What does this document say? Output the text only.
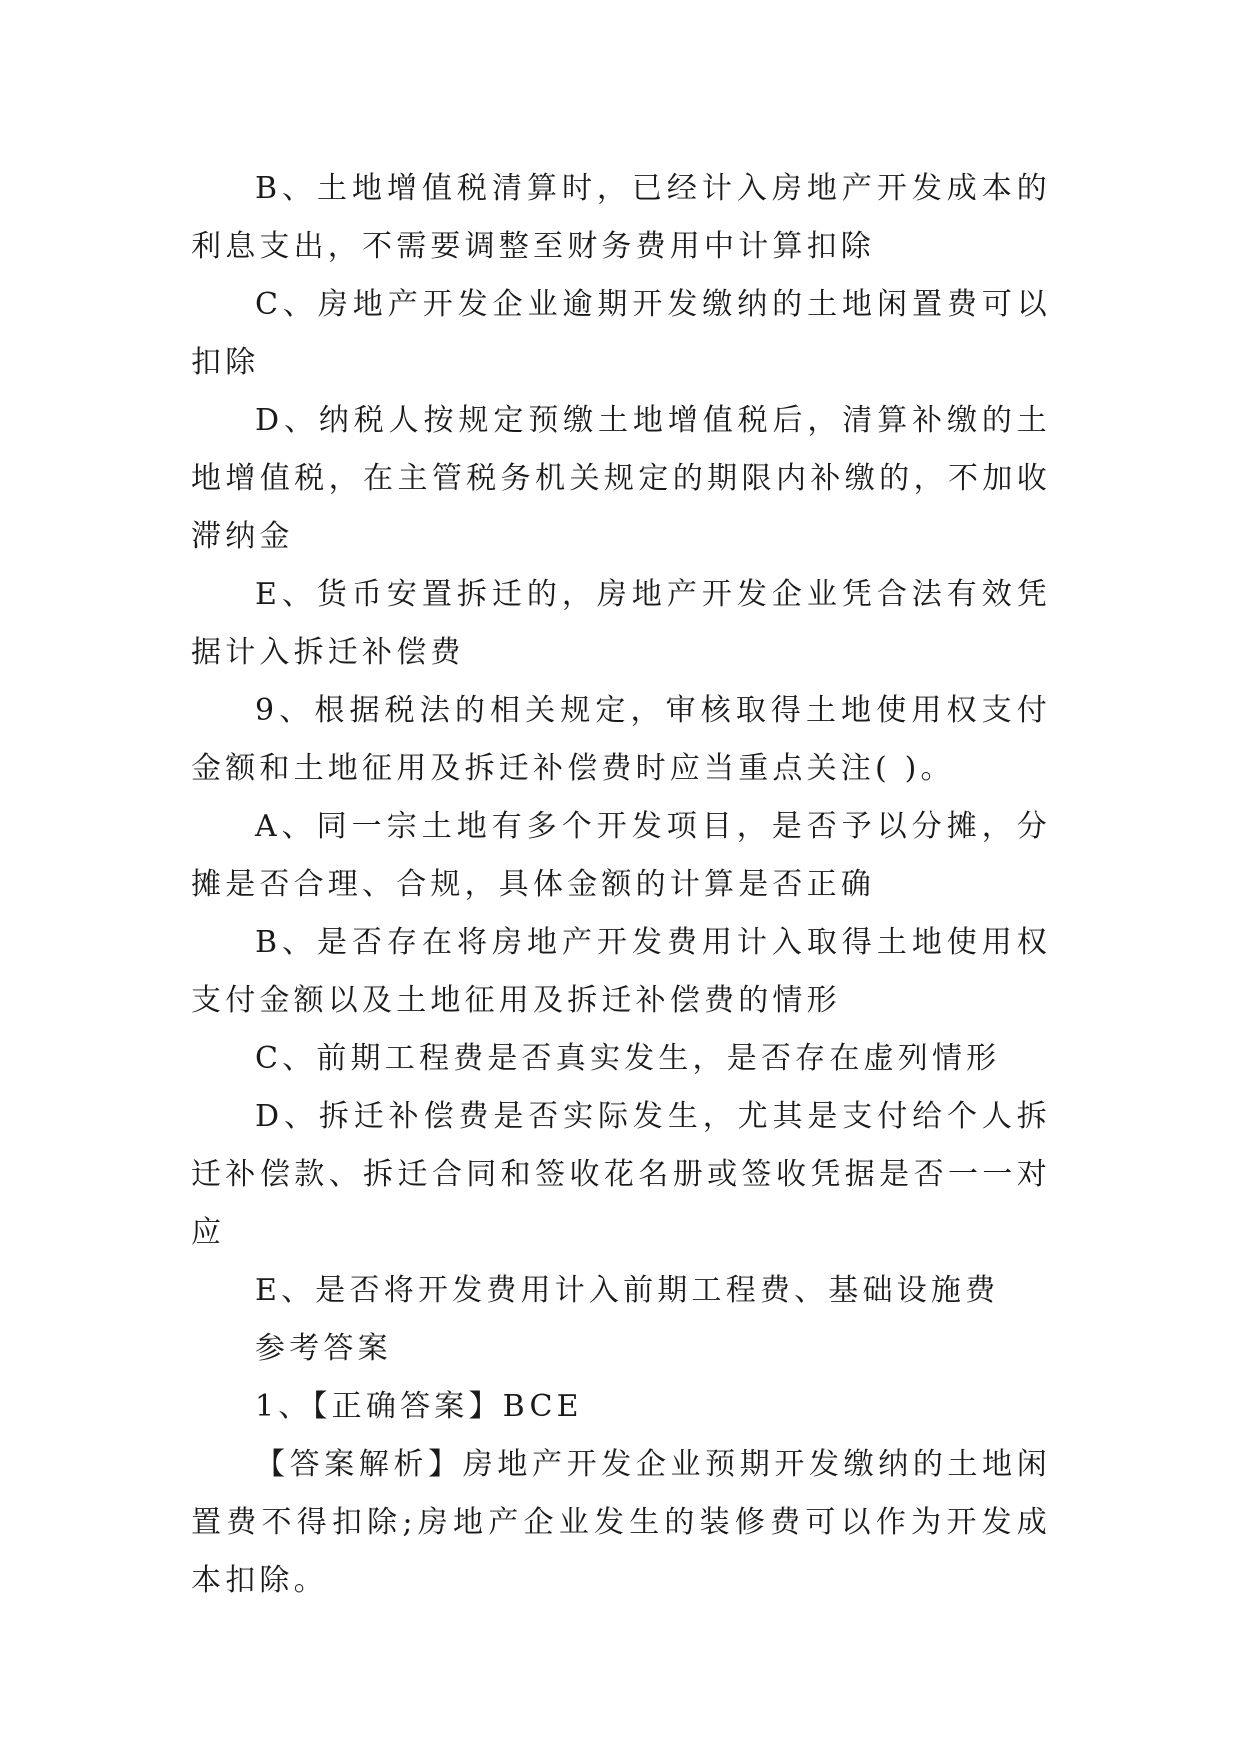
B、土地增值税清算时，已经计入房地产开发成本的利息支出，不需要调整至财务费用中计算扣除

C、房地产开发企业逾期开发缴纳的土地闲置费可以扣除

D、纳税人按规定预缴土地增值税后，清算补缴的土地增值税，在主管税务机关规定的期限内补缴的，不加收滞纳金

E、货币安置拆迁的，房地产开发企业凭合法有效凭据计入拆迁补偿费

9、根据税法的相关规定，审核取得土地使用权支付金额和土地征用及拆迁补偿费时应当重点关注( )。

A、同一宗土地有多个开发项目，是否予以分摊，分摊是否合理、合规，具体金额的计算是否正确

B、是否存在将房地产开发费用计入取得土地使用权支付金额以及土地征用及拆迁补偿费的情形

C、前期工程费是否真实发生，是否存在虚列情形

D、拆迁补偿费是否实际发生，尤其是支付给个人拆迁补偿款、拆迁合同和签收花名册或签收凭据是否一一对应

E、是否将开发费用计入前期工程费、基础设施费

参考答案

1、【正确答案】BCE

【答案解析】房地产开发企业预期开发缴纳的土地闲置费不得扣除;房地产企业发生的装修费可以作为开发成本扣除。
